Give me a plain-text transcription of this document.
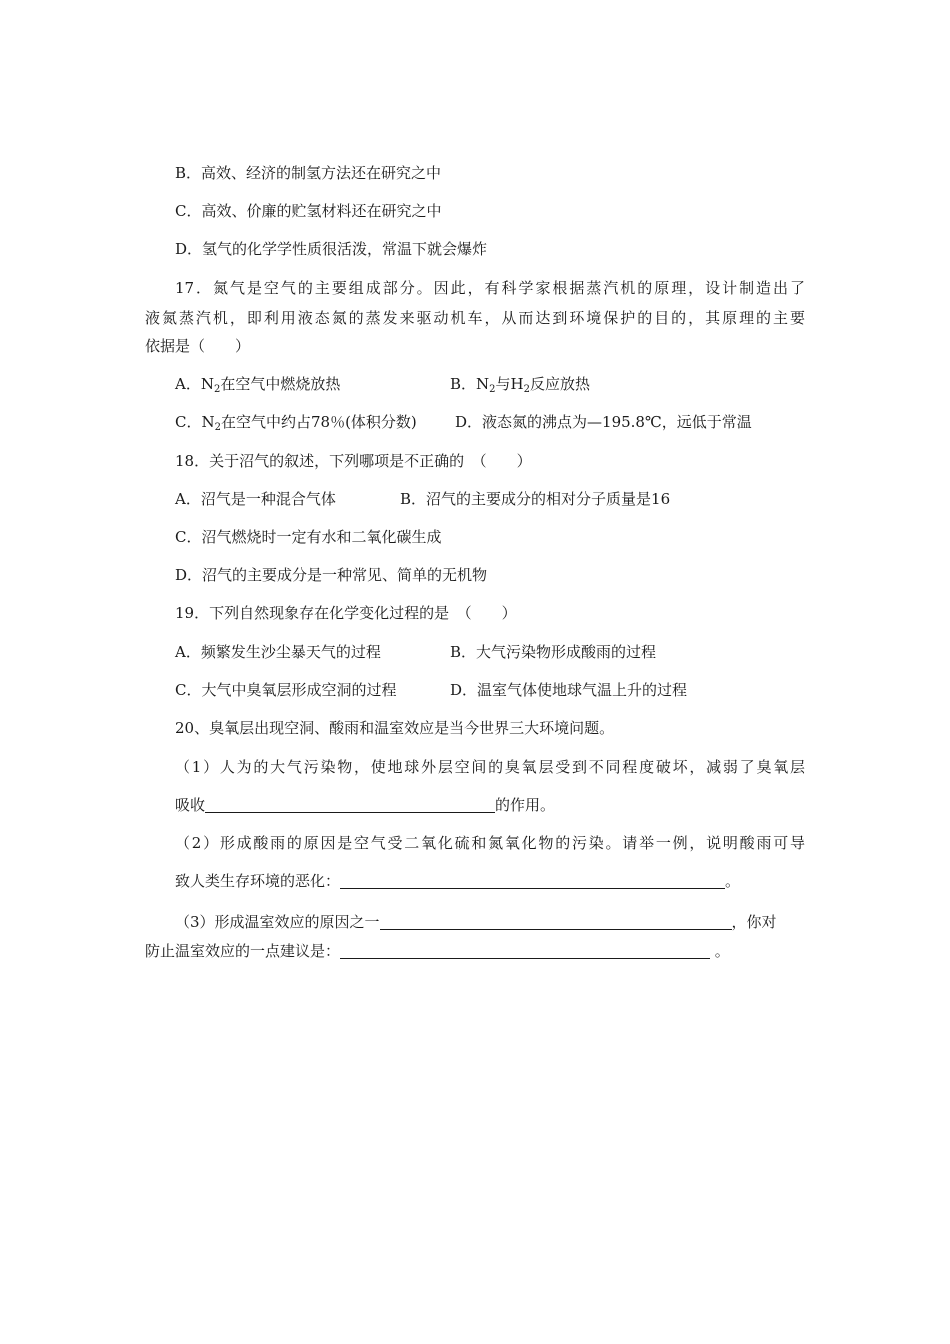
B．高效、经济的制氢方法还在研究之中
C．高效、价廉的贮氢材料还在研究之中
D．氢气的化学学性质很活泼，常温下就会爆炸
17．氮气是空气的主要组成部分。因此，有科学家根据蒸汽机的原理，设计制造出了
液氮蒸汽机，即利用液态氮的蒸发来驱动机车，从而达到环境保护的目的，其原理的主要
依据是（　　）
A．$N_2$在空气中燃烧放热	B．$N_2$与$H_2$反应放热
C．$N_2$在空气中约占78％(体积分数)	D．液态氮的沸点为—195.8℃，远低于常温
18．关于沼气的叙述，下列哪项是不正确的　（　　）
A．沼气是一种混合气体	B．沼气的主要成分的相对分子质量是16
C．沼气燃烧时一定有水和二氧化碳生成
D．沼气的主要成分是一种常见、简单的无机物
19．下列自然现象存在化学变化过程的是　（　　）
A．频繁发生沙尘暴天气的过程	B．大气污染物形成酸雨的过程
C．大气中臭氧层形成空洞的过程	D．温室气体使地球气温上升的过程
20、臭氧层出现空洞、酸雨和温室效应是当今世界三大环境问题。
（1）人为的大气污染物，使地球外层空间的臭氧层受到不同程度破坏，减弱了臭氧层
吸收	的作用。
（2）形成酸雨的原因是空气受二氧化硫和氮氧化物的污染。请举一例，说明酸雨可导
致人类生存环境的恶化：	。
（3）形成温室效应的原因之一	，你对
防止温室效应的一点建议是：	。
